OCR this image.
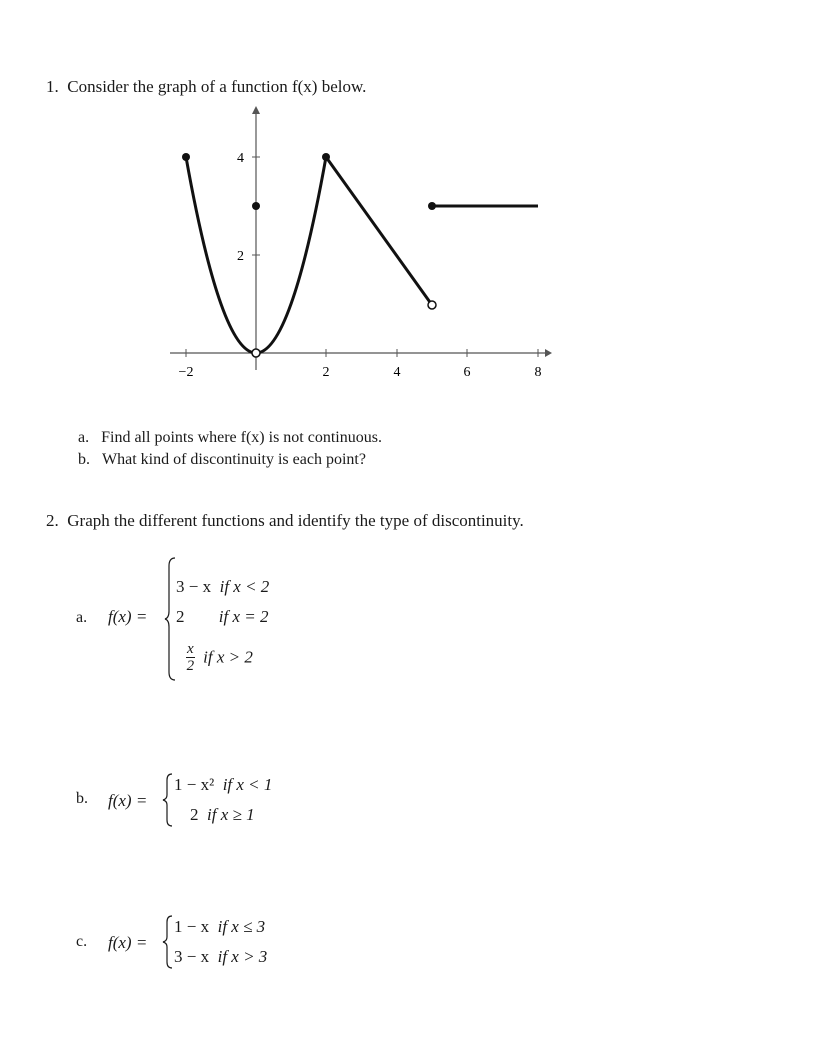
1. Consider the graph of a function f(x) below.
−2	2	4	6	8
2
4
a. Find all points where f(x) is not continuous.
b. What kind of discontinuity is each point?
2. Graph the different functions and identify the type of discontinuity.
a. f(x) =
3 − x if x < 2
2 if x = 2
$\frac{x}{2}$ if x > 2
b. f(x) =
1 − x² if x < 1
2 if x ≥ 1
c. f(x) =
1 − x if x ≤ 3
3 − x if x > 3
